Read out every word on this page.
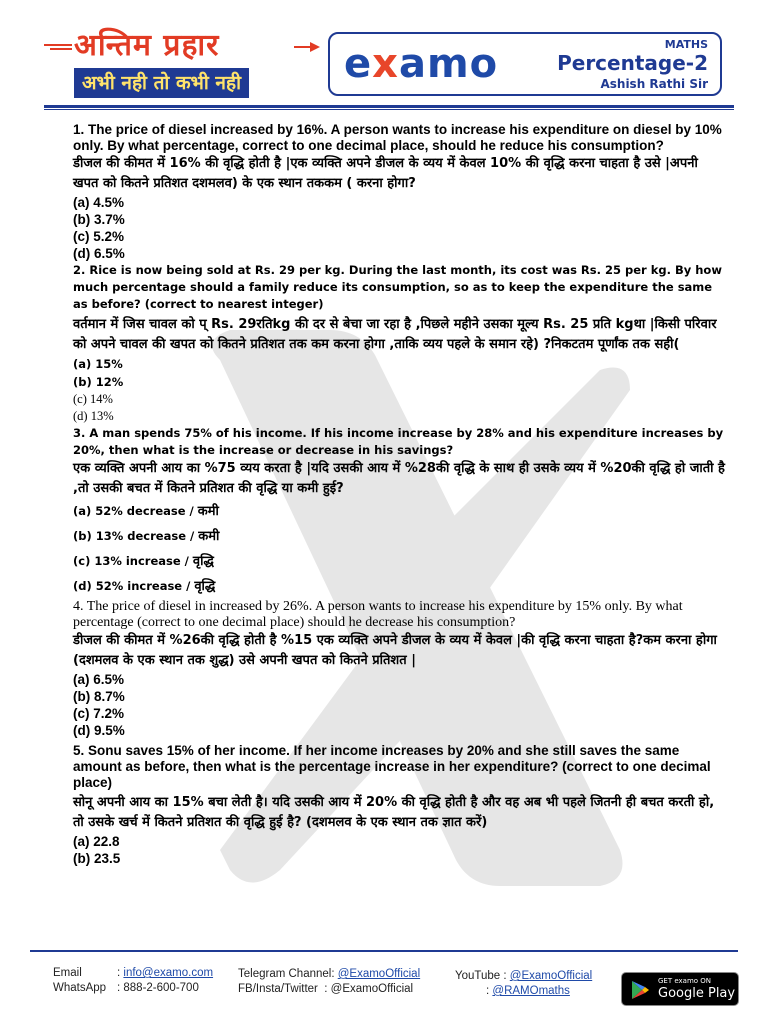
अन्तिम प्रहार
अभी नही तो कभी नही	examo	MATHS
Percentage-2
Ashish Rathi Sir

1. The price of diesel increased by 16%. A person wants to increase his expenditure on diesel by 10% only. By what percentage, correct to one decimal place, should he reduce his consumption?

डीजल की कीमत में 16% की वृद्धि होती है |एक व्यक्ति अपने डीजल के व्यय में केवल 10% की वृद्धि करना चाहता है उसे |अपनी खपत को कितने प्रतिशत दशमलव) के एक स्थान तककम ( करना होगा?

(a) 4.5%
(b) 3.7%
(c) 5.2%
(d) 6.5%

2. Rice is now being sold at Rs. 29 per kg. During the last month, its cost was Rs. 25 per kg. By how much percentage should a family reduce its consumption, so as to keep the expenditure the same as before? (correct to nearest integer)

वर्तमान में जिस चावल को प् Rs. 29रतिkg की दर से बेचा जा रहा है ,पिछले महीने उसका मूल्य Rs. 25 प्रति kgथा |किसी परिवार को अपने चावल की खपत को कितने प्रतिशत तक कम करना होगा ,ताकि व्यय पहले के समान रहे) ?निकटतम पूर्णांक तक सही(

(a) 15%
(b) 12%
(c) 14%
(d) 13%

3. A man spends 75% of his income. If his income increase by 28% and his expenditure increases by 20%, then what is the increase or decrease in his savings?

एक व्यक्ति अपनी आय का %75 व्यय करता है |यदि उसकी आय में %28की वृद्धि के साथ ही उसके व्यय में %20की वृद्धि हो जाती है ,तो उसकी बचत में कितने प्रतिशत की वृद्धि या कमी हुई?

(a) 52% decrease / कमी
(b) 13% decrease / कमी
(c) 13% increase / वृद्धि
(d) 52% increase / वृद्धि

4. The price of diesel in increased by 26%. A person wants to increase his expenditure by 15% only. By what percentage (correct to one decimal place) should he decrease his consumption?

डीजल की कीमत में %26की वृद्धि होती है %15 एक व्यक्ति अपने डीजल के व्यय में केवल |की वृद्धि करना चाहता है?कम करना होगा (दशमलव के एक स्थान तक शुद्ध) उसे अपनी खपत को कितने प्रतिशत |

(a) 6.5%
(b) 8.7%
(c) 7.2%
(d) 9.5%

5. Sonu saves 15% of her income. If her income increases by 20% and she still saves the same amount as before, then what is the percentage increase in her expenditure? (correct to one decimal place)

सोनू अपनी आय का 15% बचा लेती है। यदि उसकी आय में 20% की वृद्धि होती है और वह अब भी पहले जितनी ही बचत करती हो, तो उसके खर्च में कितने प्रतिशत की वृद्धि हुई है? (दशमलव के एक स्थान तक ज्ञात करें)

(a) 22.8
(b) 23.5
Email	: info@examo.com
WhatsApp : 888-2-600-700
Telegram Channel: @ExamoOfficial
FB/Insta/Twitter  : @ExamoOfficial
YouTube : @ExamoOfficial
: @RAMOmaths
GET examo ON
Google Play
